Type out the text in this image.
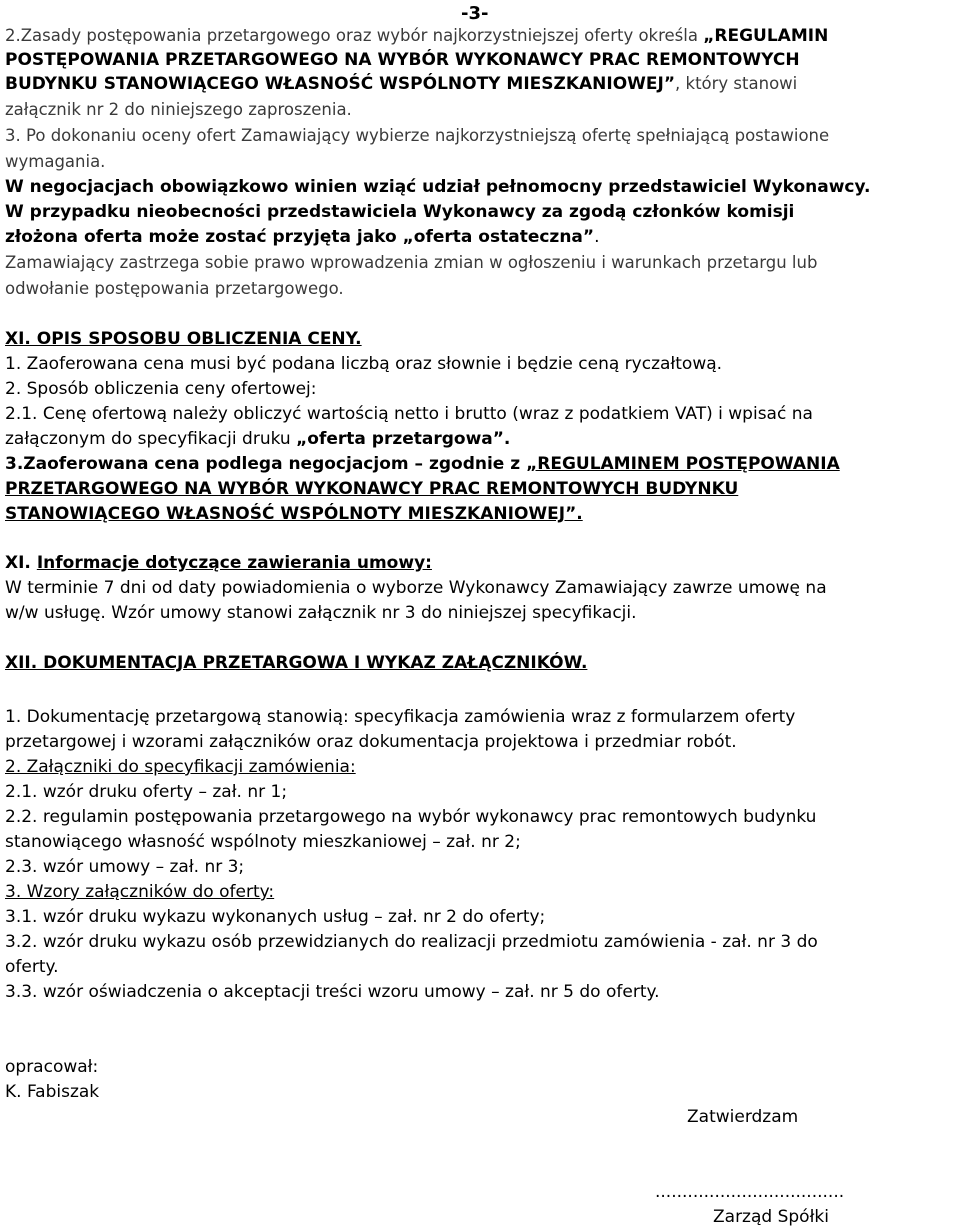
-3-
2.Zasady postępowania przetargowego oraz wybór najkorzystniejszej oferty określa „REGULAMIN
POSTĘPOWANIA PRZETARGOWEGO NA WYBÓR WYKONAWCY PRAC REMONTOWYCH
BUDYNKU STANOWIĄCEGO WŁASNOŚĆ WSPÓLNOTY MIESZKANIOWEJ”, który stanowi
załącznik nr 2 do niniejszego zaproszenia.
3. Po dokonaniu oceny ofert Zamawiający wybierze najkorzystniejszą ofertę spełniającą postawione
wymagania.
W negocjacjach obowiązkowo winien wziąć udział pełnomocny przedstawiciel Wykonawcy.
W przypadku nieobecności przedstawiciela Wykonawcy za zgodą członków komisji
złożona oferta może zostać przyjęta jako „oferta ostateczna”.
Zamawiający zastrzega sobie prawo wprowadzenia zmian w ogłoszeniu i warunkach przetargu lub
odwołanie postępowania przetargowego.
XI. OPIS SPOSOBU OBLICZENIA CENY.
1. Zaoferowana cena musi być podana liczbą oraz słownie i będzie ceną ryczałtową.
2. Sposób obliczenia ceny ofertowej:
2.1. Cenę ofertową należy obliczyć wartością netto i brutto (wraz z podatkiem VAT) i wpisać na
załączonym do specyfikacji druku „oferta przetargowa”.
3.Zaoferowana cena podlega negocjacjom – zgodnie z „REGULAMINEM POSTĘPOWANIA
PRZETARGOWEGO NA WYBÓR WYKONAWCY PRAC REMONTOWYCH BUDYNKU
STANOWIĄCEGO WŁASNOŚĆ WSPÓLNOTY MIESZKANIOWEJ”.
XI. Informacje dotyczące zawierania umowy:
W terminie 7 dni od daty powiadomienia o wyborze Wykonawcy Zamawiający zawrze umowę na
w/w usługę. Wzór umowy stanowi załącznik nr 3 do niniejszej specyfikacji.
XII. DOKUMENTACJA PRZETARGOWA I WYKAZ ZAŁĄCZNIKÓW.
1. Dokumentację przetargową stanowią: specyfikacja zamówienia wraz z formularzem oferty
przetargowej i wzorami załączników oraz dokumentacja projektowa i przedmiar robót.
2. Załączniki do specyfikacji zamówienia:
2.1. wzór druku oferty – zał. nr 1;
2.2. regulamin postępowania przetargowego na wybór wykonawcy prac remontowych budynku
stanowiącego własność wspólnoty mieszkaniowej – zał. nr 2;
2.3. wzór umowy – zał. nr 3;
3. Wzory załączników do oferty:
3.1. wzór druku wykazu wykonanych usług – zał. nr 2 do oferty;
3.2. wzór druku wykazu osób przewidzianych do realizacji przedmiotu zamówienia - zał. nr 3 do
oferty.
3.3. wzór oświadczenia o akceptacji treści wzoru umowy – zał. nr 5 do oferty.
opracował:
K. Fabiszak
Zatwierdzam
...................................
Zarząd Spółki
